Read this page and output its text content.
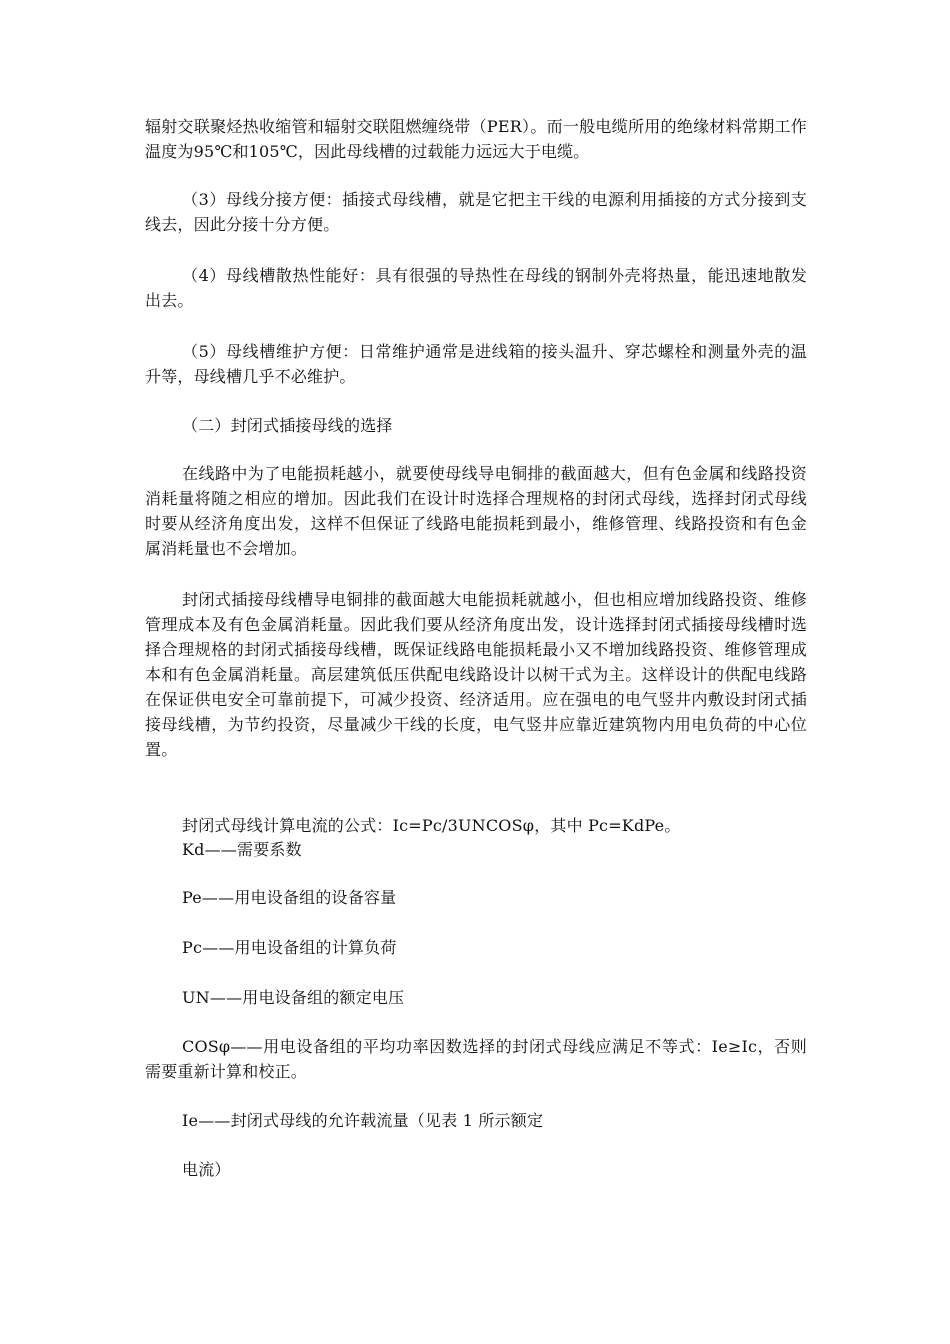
辐射交联聚烃热收缩管和辐射交联阻燃缠绕带（PER）。而一般电缆所用的绝缘材料常期工作温度为95℃和105℃，因此母线槽的过载能力远远大于电缆。

（3）母线分接方便：插接式母线槽，就是它把主干线的电源利用插接的方式分接到支线去，因此分接十分方便。

（4）母线槽散热性能好：具有很强的导热性在母线的钢制外壳将热量，能迅速地散发出去。

（5）母线槽维护方便：日常维护通常是进线箱的接头温升、穿芯螺栓和测量外壳的温升等，母线槽几乎不必维护。

（二）封闭式插接母线的选择

在线路中为了电能损耗越小，就要使母线导电铜排的截面越大，但有色金属和线路投资消耗量将随之相应的增加。因此我们在设计时选择合理规格的封闭式母线，选择封闭式母线时要从经济角度出发，这样不但保证了线路电能损耗到最小，维修管理、线路投资和有色金属消耗量也不会增加。

封闭式插接母线槽导电铜排的截面越大电能损耗就越小，但也相应增加线路投资、维修管理成本及有色金属消耗量。因此我们要从经济角度出发，设计选择封闭式插接母线槽时选择合理规格的封闭式插接母线槽，既保证线路电能损耗最小又不增加线路投资、维修管理成本和有色金属消耗量。高层建筑低压供配电线路设计以树干式为主。这样设计的供配电线路在保证供电安全可靠前提下，可减少投资、经济适用。应在强电的电气竖井内敷设封闭式插接母线槽，为节约投资，尽量减少干线的长度，电气竖井应靠近建筑物内用电负荷的中心位置。

封闭式母线计算电流的公式：Ic=Pc/3UNCOSφ，其中 Pc=KdPe。

Kd——需要系数

Pe——用电设备组的设备容量

Pc——用电设备组的计算负荷

UN——用电设备组的额定电压

COSφ——用电设备组的平均功率因数选择的封闭式母线应满足不等式：Ie≥Ic，否则需要重新计算和校正。

Ie——封闭式母线的允许载流量（见表 1 所示额定

电流）
